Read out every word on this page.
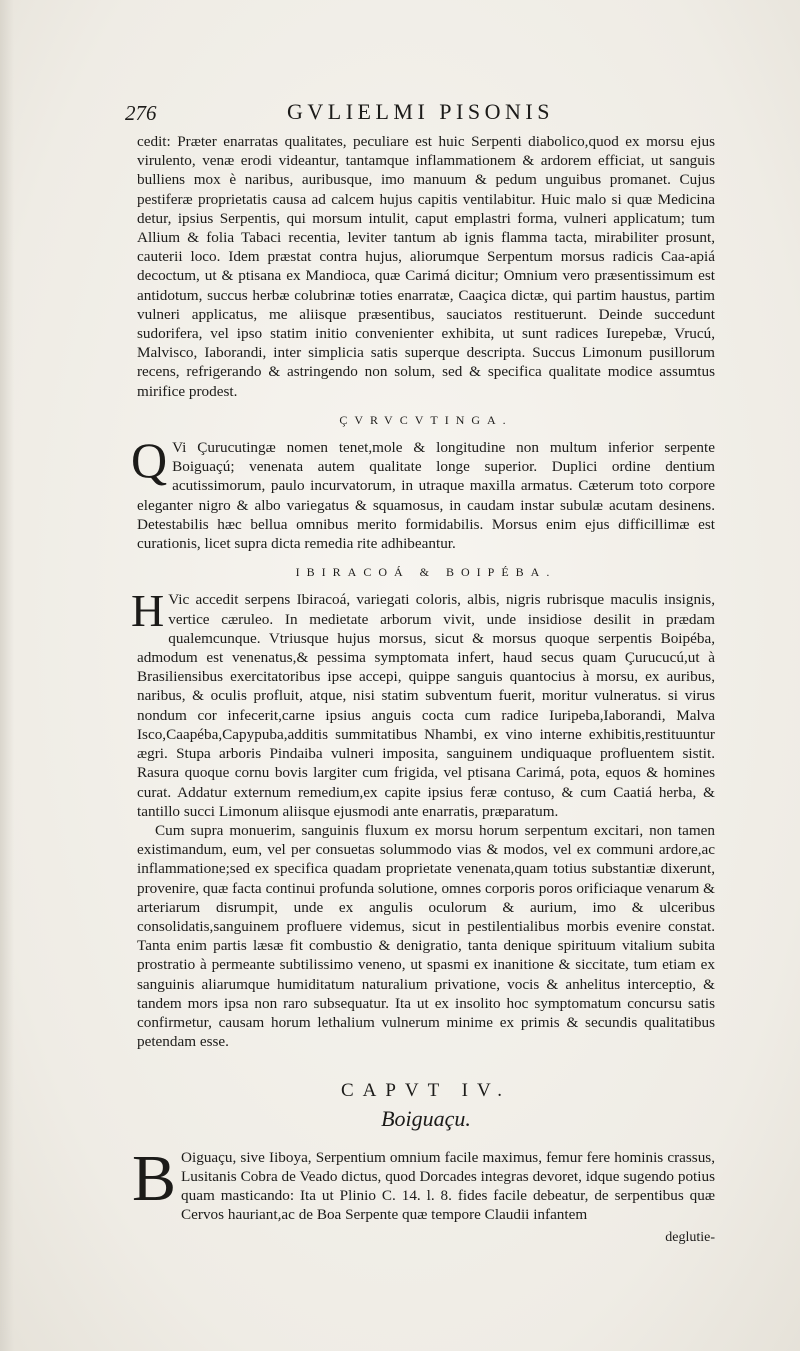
276	GVLIELMI PISONIS

cedit: Præter enarratas qualitates, peculiare est huic Serpenti diabolico,quod ex morsu ejus virulento, venæ erodi videantur, tantamque inflammationem & ardorem efficiat, ut sanguis bulliens mox è naribus, auribusque, imo manuum & pedum unguibus promanet. Cujus pestiferæ proprietatis causa ad calcem hujus capitis ventilabitur. Huic malo si quæ Medicina detur, ipsius Serpentis, qui morsum intulit, caput emplastri forma, vulneri applicatum; tum Allium & folia Tabaci recentia, leviter tantum ab ignis flamma tacta, mirabiliter prosunt, cauterii loco. Idem præstat contra hujus, aliorumque Serpentum morsus radicis Caa-apiá decoctum, ut & ptisana ex Mandioca, quæ Carimá dicitur; Omnium vero præsentissimum est antidotum, succus herbæ colubrinæ toties enarratæ, Caaçica dictæ, qui partim haustus, partim vulneri applicatus, me aliisque præsentibus, sauciatos restituerunt. Deinde succedunt sudorifera, vel ipso statim initio convenienter exhibita, ut sunt radices Iurepebæ, Vrucú, Malvisco, Iaborandi, inter simplicia satis superque descripta. Succus Limonum pusillorum recens, refrigerando & astringendo non solum, sed & specifica qualitate modice assumtus mirifice prodest.

ÇVRVCVTINGA.

Q Vi Çurucutingæ nomen tenet,mole & longitudine non multum inferior serpente Boiguaçú; venenata autem qualitate longe superior. Duplici ordine dentium acutissimorum, paulo incurvatorum, in utraque maxilla armatus. Cæterum toto corpore eleganter nigro & albo variegatus & squamosus, in caudam instar subulæ acutam desinens. Detestabilis hæc bellua omnibus merito formidabilis. Morsus enim ejus difficillimæ est curationis, licet supra dicta remedia rite adhibeantur.

IBIRACOÁ & BOIPÉBA.

H Vic accedit serpens Ibiracoá, variegati coloris, albis, nigris rubrisque maculis insignis, vertice cæruleo. In medietate arborum vivit, unde insidiose desilit in prædam qualemcunque. Vtriusque hujus morsus, sicut & morsus quoque serpentis Boipéba, admodum est venenatus,& pessima symptomata infert, haud secus quam Çurucucú,ut à Brasiliensibus exercitatoribus ipse accepi, quippe sanguis quantocius à morsu, ex auribus, naribus, & oculis profluit, atque, nisi statim subventum fuerit, moritur vulneratus. si virus nondum cor infecerit,carne ipsius anguis cocta cum radice Iuripeba,Iaborandi, Malva Isco,Caapéba,Capypuba,additis summitatibus Nhambi, ex vino interne exhibitis,restituuntur ægri. Stupa arboris Pindaiba vulneri imposita, sanguinem undiquaque profluentem sistit. Rasura quoque cornu bovis largiter cum frigida, vel ptisana Carimá, pota, equos & homines curat. Addatur externum remedium,ex capite ipsius feræ contuso, & cum Caatiá herba, & tantillo succi Limonum aliisque ejusmodi ante enarratis, præparatum.

Cum supra monuerim, sanguinis fluxum ex morsu horum serpentum excitari, non tamen existimandum, eum, vel per consuetas solummodo vias & modos, vel ex communi ardore,ac inflammatione;sed ex specifica quadam proprietate venenata,quam totius substantiæ dixerunt, provenire, quæ facta continui profunda solutione, omnes corporis poros orificiaque venarum & arteriarum disrumpit, unde ex angulis oculorum & aurium, imo & ulceribus consolidatis,sanguinem profluere videmus, sicut in pestilentialibus morbis evenire constat. Tanta enim partis læsæ fit combustio & denigratio, tanta denique spirituum vitalium subita prostratio à permeante subtilissimo veneno, ut spasmi ex inanitione & siccitate, tum etiam ex sanguinis aliarumque humiditatum naturalium privatione, vocis & anhelitus interceptio, & tandem mors ipsa non raro subsequatur. Ita ut ex insolito hoc symptomatum concursu satis confirmetur, causam horum lethalium vulnerum minime ex primis & secundis qualitatibus petendam esse.

CAPVT IV.
Boiguaçu.

B Oiguaçu, sive Iiboya, Serpentium omnium facile maximus, femur fere hominis crassus, Lusitanis Cobra de Veado dictus, quod Dorcades integras devoret, idque sugendo potius quam masticando: Ita ut Plinio C. 14. l. 8. fides facile debeatur, de serpentibus quæ Cervos hauriant,ac de Boa Serpente quæ tempore Claudii infantem

deglutie-
